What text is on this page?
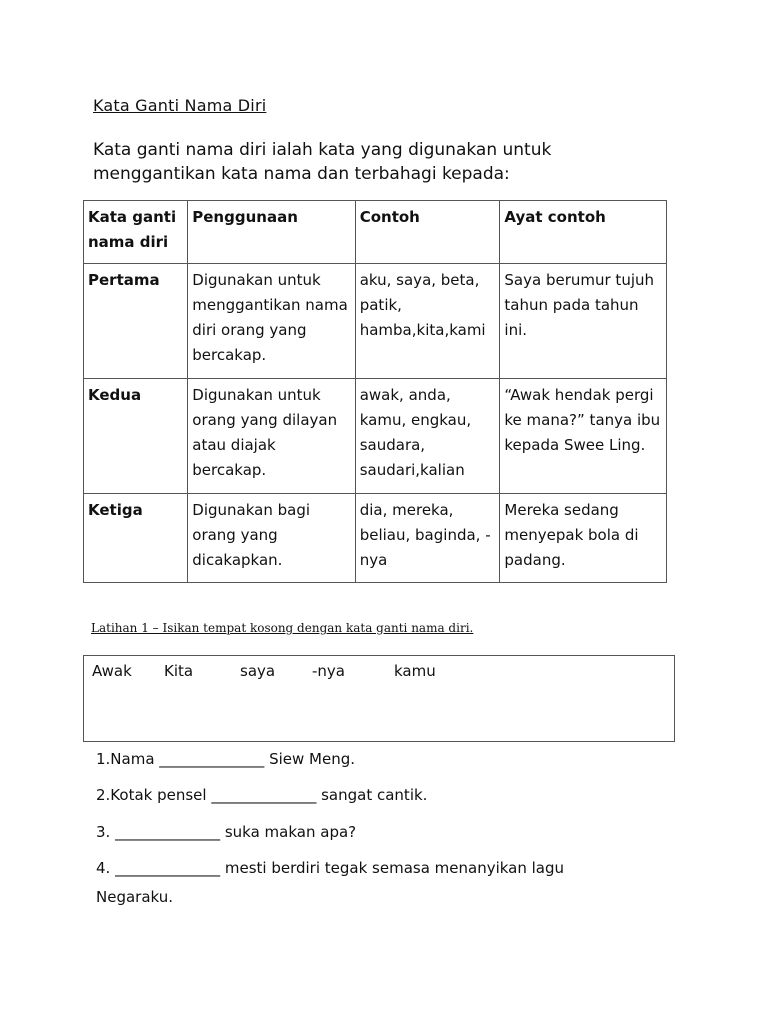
Kata Ganti Nama Diri
Kata ganti nama diri ialah kata yang digunakan untuk
menggantikan kata nama dan terbahagi kepada:
Kata ganti nama diri	Penggunaan	Contoh	Ayat contoh
Pertama	Digunakan untuk menggantikan nama diri orang yang bercakap.	aku, saya, beta, patik, hamba,kita,kami	Saya berumur tujuh tahun pada tahun ini.
Kedua	Digunakan untuk orang yang dilayan atau diajak bercakap.	awak, anda, kamu, engkau, saudara, saudari,kalian	“Awak hendak pergi ke mana?” tanya ibu kepada Swee Ling.
Ketiga	Digunakan bagi orang yang dicakapkan.	dia, mereka, beliau, baginda, -nya	Mereka sedang menyepak bola di padang.
Latihan 1 – Isikan tempat kosong dengan kata ganti nama diri.
Awak Kita	saya -nya	kamu
1.Nama ______________ Siew Meng.
2.Kotak pensel ______________ sangat cantik.
3. ______________ suka makan apa?
4. ______________ mesti berdiri tegak semasa menanyikan lagu
Negaraku.
